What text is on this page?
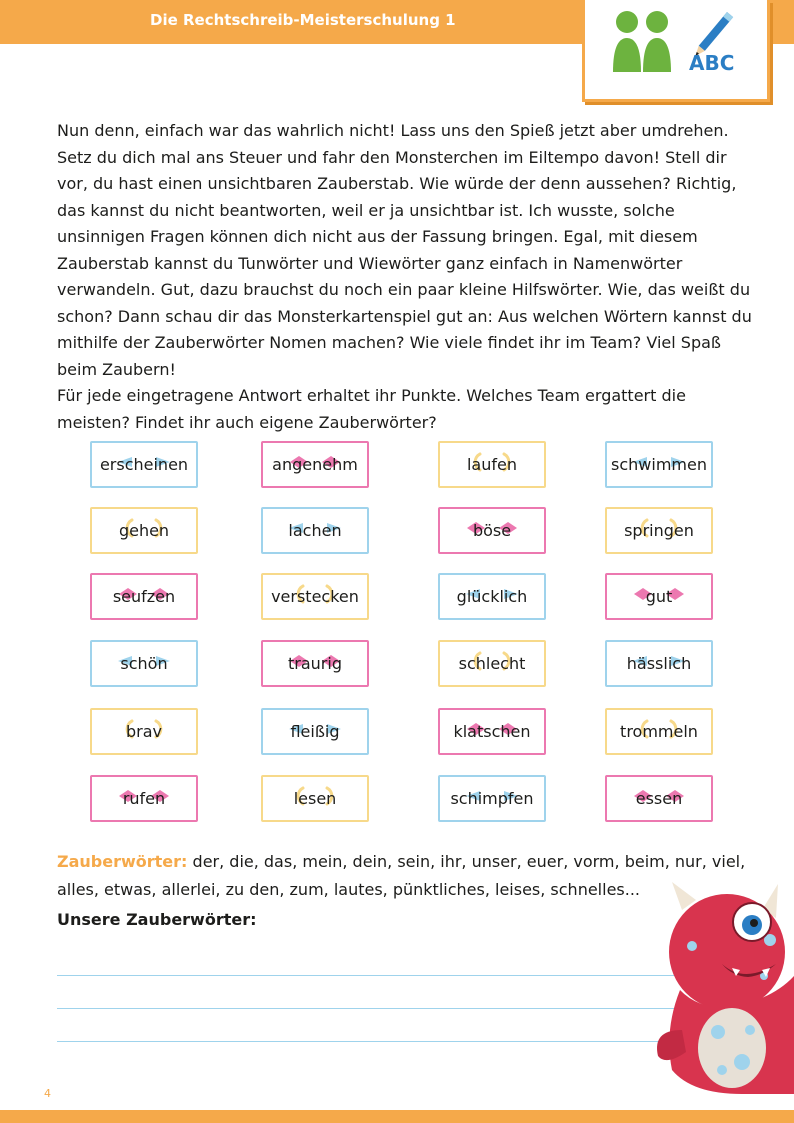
Die Rechtschreib-Meisterschulung 1
ABC

Nun denn, einfach war das wahrlich nicht! Lass uns den Spieß jetzt aber umdrehen. Setz du dich mal ans Steuer und fahr den Monsterchen im Eiltempo davon! Stell dir vor, du hast einen unsichtbaren Zauberstab. Wie würde der denn aussehen? Richtig, das kannst du nicht beantworten, weil er ja unsichtbar ist. Ich wusste, solche unsinnigen Fragen können dich nicht aus der Fassung bringen. Egal, mit diesem Zauberstab kannst du Tunwörter und Wiewörter ganz einfach in Namenwörter verwandeln. Gut, dazu brauchst du noch ein paar kleine Hilfswörter. Wie, das weißt du schon? Dann schau dir das Monsterkartenspiel gut an: Aus welchen Wörtern kannst du mithilfe der Zauberwörter Nomen machen? Wie viele findet ihr im Team? Viel Spaß beim Zaubern!

Für jede eingetragene Antwort erhaltet ihr Punkte. Welches Team ergattert die meisten? Findet ihr auch eigene Zauberwörter?

erscheinen	angenehm	laufen	schwimmen
gehen	lachen	böse	springen
seufzen	verstecken	glücklich	gut
schön	traurig	schlecht	hässlich
brav	fleißig	klatschen	trommeln
rufen	lesen	schimpfen	essen
Zauberwörter: der, die, das, mein, dein, sein, ihr, unser, euer, vorm, beim, nur, viel, alles, etwas, allerlei, zu den, zum, lautes, pünktliches, leises, schnelles...
Unsere Zauberwörter:
4
